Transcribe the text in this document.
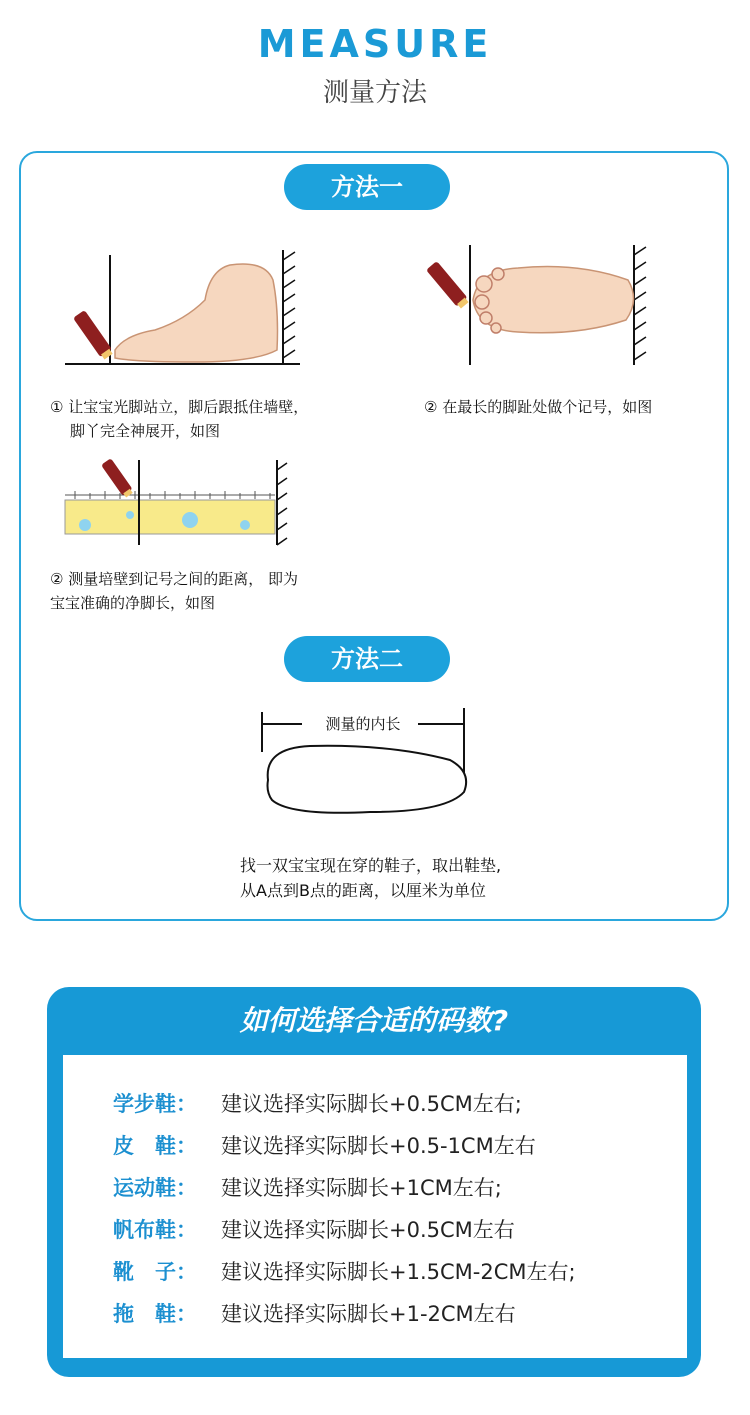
MEASURE
测量方法
方法一
① 让宝宝光脚站立，脚后跟抵住墙壁，
脚丫完全神展开，如图
② 在最长的脚趾处做个记号，如图
② 测量培壁到记号之间的距离， 即为
宝宝准确的净脚长，如图
方法二
测量的内长
找一双宝宝现在穿的鞋子，取出鞋垫,
从A点到B点的距离，以厘米为单位
如何选择合适的码数?
学步鞋： 建议选择实际脚长+0.5CM左右;
皮　鞋： 建议选择实际脚长+0.5-1CM左右
运动鞋： 建议选择实际脚长+1CM左右;
帆布鞋： 建议选择实际脚长+0.5CM左右
靴　子： 建议选择实际脚长+1.5CM-2CM左右;
拖　鞋： 建议选择实际脚长+1-2CM左右
